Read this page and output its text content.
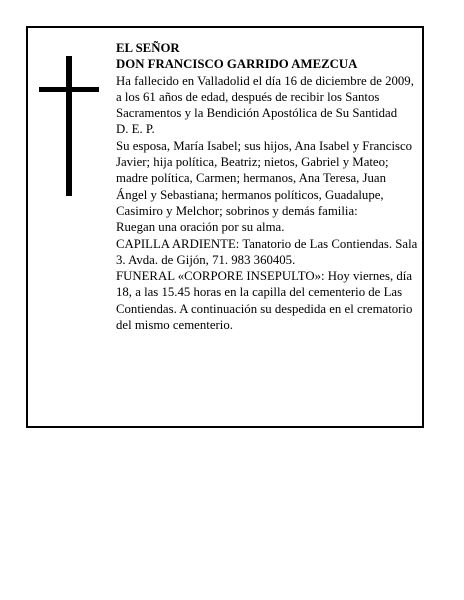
EL SEÑOR

DON FRANCISCO GARRIDO AMEZCUA

Ha fallecido en Valladolid el día 16 de diciembre de 2009, a los 61 años de edad, después de recibir los Santos Sacramentos y la Bendición Apostólica de Su Santidad

D. E. P.

Su esposa, María Isabel; sus hijos, Ana Isabel y Francisco Javier; hija política, Beatriz; nietos, Gabriel y Mateo; madre política, Carmen; hermanos, Ana Teresa, Juan Ángel y Sebastiana; hermanos políticos, Guadalupe, Casimiro y Melchor; sobrinos y demás familia:

Ruegan una oración por su alma.

CAPILLA ARDIENTE: Tanatorio de Las Contiendas. Sala 3. Avda. de Gijón, 71. 983 360405.

FUNERAL «CORPORE INSEPULTO»: Hoy viernes, día 18, a las 15.45 horas en la capilla del cementerio de Las Contiendas. A continuación su despedida en el crematorio del mismo cementerio.
